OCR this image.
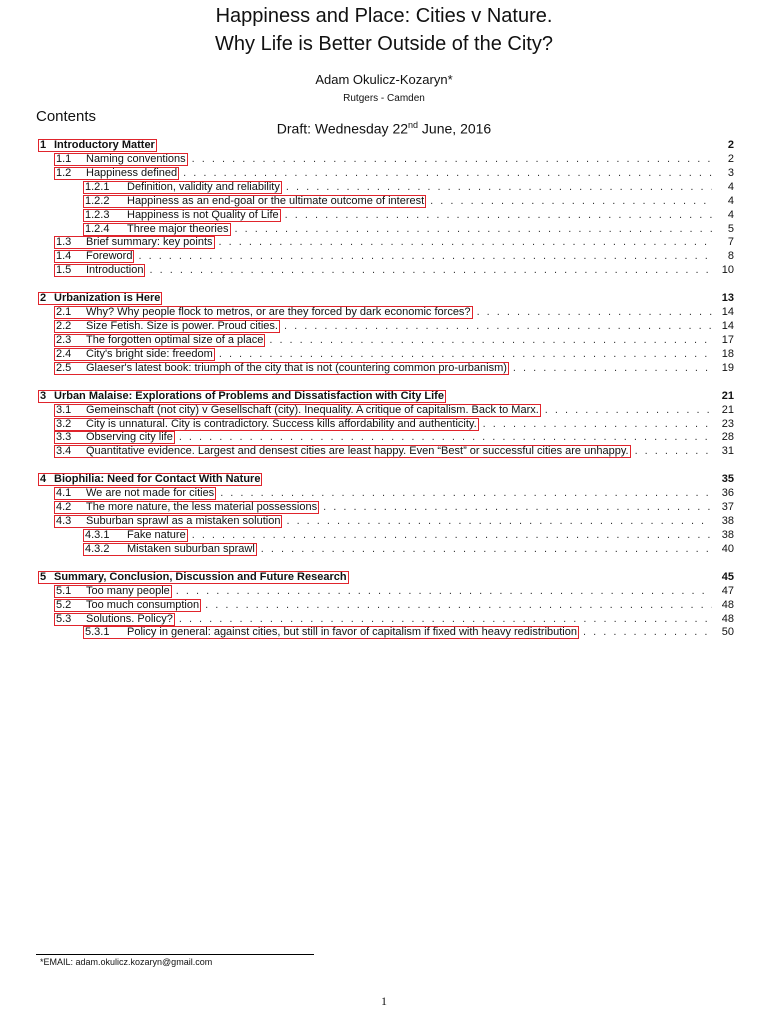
Happiness and Place: Cities v Nature.
Why Life is Better Outside of the City?
Adam Okulicz-Kozaryn*
Rutgers - Camden
Contents
Draft: Wednesday 22nd June, 2016
1 Introductory Matter	2
1.1	Naming conventions . . .	2
1.2	Happiness defined . . .	3
1.2.1	Definition, validity and reliability . . .	4
1.2.2	Happiness as an end-goal or the ultimate outcome of interest . . .	4
1.2.3	Happiness is not Quality of Life . . .	4
1.2.4	Three major theories . . .	5
1.3	Brief summary: key points . . .	7
1.4	Foreword . . .	8
1.5	Introduction . . .	10
2 Urbanization is Here	13
2.1	Why? Why people flock to metros, or are they forced by dark economic forces? . . .	14
2.2	Size Fetish. Size is power. Proud cities. . . .	14
2.3	The forgotten optimal size of a place . . .	17
2.4	City's bright side: freedom . . .	18
2.5	Glaeser's latest book: triumph of the city that is not (countering common pro-urbanism) . . .	19
3 Urban Malaise: Explorations of Problems and Dissatisfaction with City Life	21
3.1	Gemeinschaft (not city) v Gesellschaft (city). Inequality. A critique of capitalism. Back to Marx. . . .	21
3.2	City is unnatural. City is contradictory. Success kills affordability and authenticity. . . .	23
3.3	Observing city life . . .	28
3.4	Quantitative evidence. Largest and densest cities are least happy. Even “Best” or successful cities are unhappy. . . .	31
4 Biophilia: Need for Contact With Nature	35
4.1	We are not made for cities . . .	36
4.2	The more nature, the less material possessions . . .	37
4.3	Suburban sprawl as a mistaken solution . . .	38
4.3.1	Fake nature . . .	38
4.3.2	Mistaken suburban sprawl . . .	40
5 Summary, Conclusion, Discussion and Future Research	45
5.1	Too many people . . .	47
5.2	Too much consumption . . .	48
5.3	Solutions. Policy? . . .	48
5.3.1	Policy in general: against cities, but still in favor of capitalism if fixed with heavy redistribution . . .	50
*EMAIL: adam.okulicz.kozaryn@gmail.com
1
